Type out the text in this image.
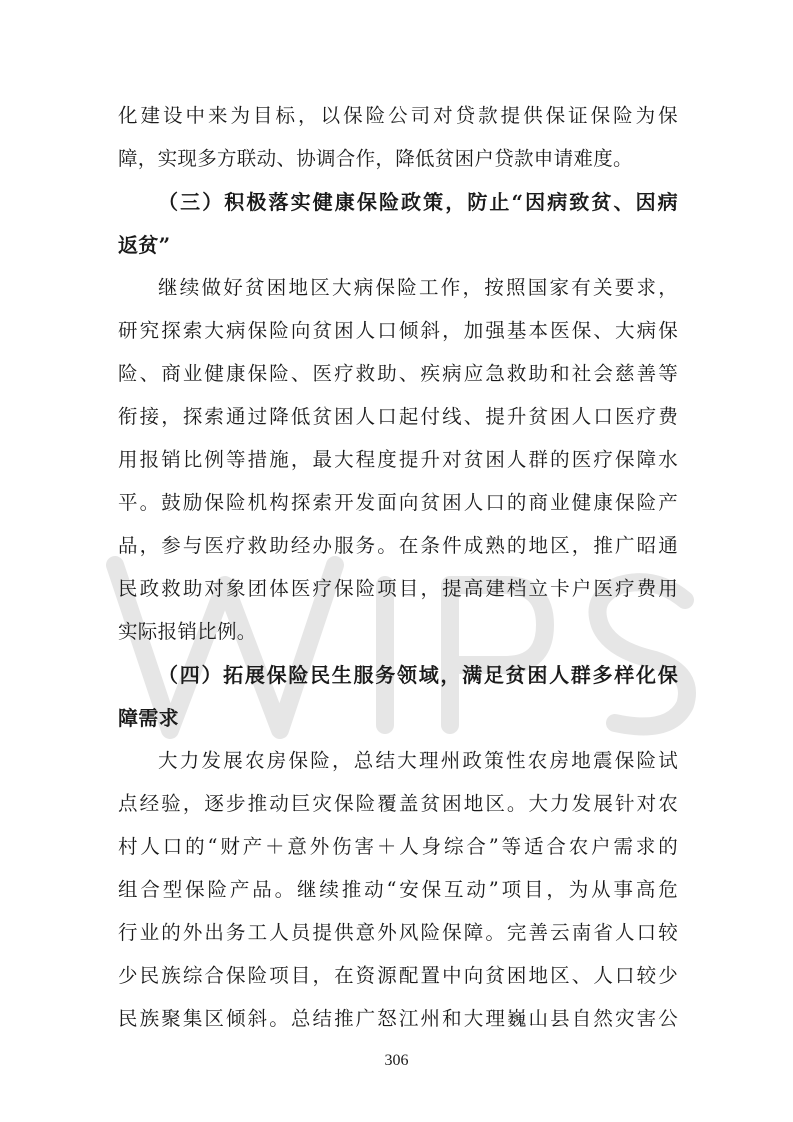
化建设中来为目标，以保险公司对贷款提供保证保险为保
障，实现多方联动、协调合作，降低贫困户贷款申请难度。
（三）积极落实健康保险政策，防止“因病致贫、因病
返贫”
继续做好贫困地区大病保险工作，按照国家有关要求，
研究探索大病保险向贫困人口倾斜，加强基本医保、大病保
险、商业健康保险、医疗救助、疾病应急救助和社会慈善等
衔接，探索通过降低贫困人口起付线、提升贫困人口医疗费
用报销比例等措施，最大程度提升对贫困人群的医疗保障水
平。鼓励保险机构探索开发面向贫困人口的商业健康保险产
品，参与医疗救助经办服务。在条件成熟的地区，推广昭通
民政救助对象团体医疗保险项目，提高建档立卡户医疗费用
实际报销比例。
（四）拓展保险民生服务领域，满足贫困人群多样化保
障需求
大力发展农房保险，总结大理州政策性农房地震保险试
点经验，逐步推动巨灾保险覆盖贫困地区。大力发展针对农
村人口的“财产＋意外伤害＋人身综合”等适合农户需求的
组合型保险产品。继续推动“安保互动”项目，为从事高危
行业的外出务工人员提供意外风险保障。完善云南省人口较
少民族综合保险项目，在资源配置中向贫困地区、人口较少
民族聚集区倾斜。总结推广怒江州和大理巍山县自然灾害公
306
